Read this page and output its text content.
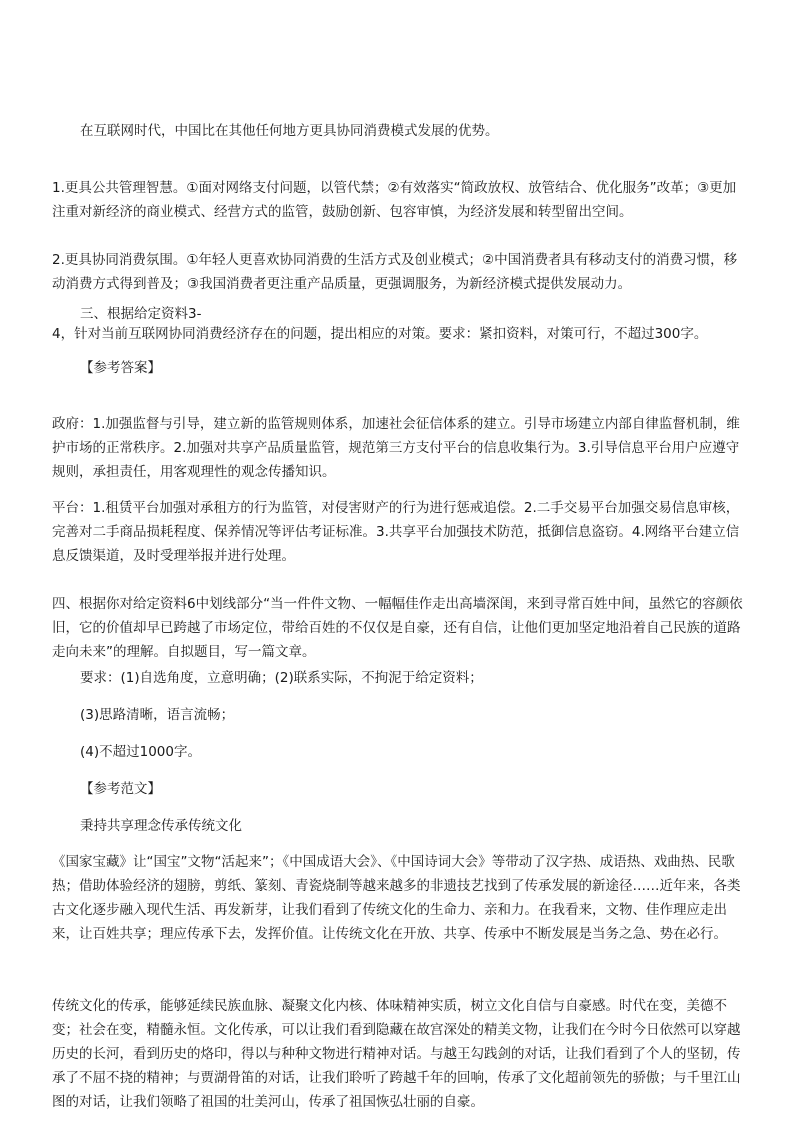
在互联网时代，中国比在其他任何地方更具协同消费模式发展的优势。

1.更具公共管理智慧。①面对网络支付问题，以管代禁；②有效落实“简政放权、放管结合、优化服务”改革；③更加注重对新经济的商业模式、经营方式的监管，鼓励创新、包容审慎，为经济发展和转型留出空间。

2.更具协同消费氛围。①年轻人更喜欢协同消费的生活方式及创业模式；②中国消费者具有移动支付的消费习惯，移动消费方式得到普及；③我国消费者更注重产品质量，更强调服务，为新经济模式提供发展动力。

三、根据给定资料3-

4，针对当前互联网协同消费经济存在的问题，提出相应的对策。要求：紧扣资料，对策可行，不超过300字。

【参考答案】

政府：1.加强监督与引导，建立新的监管规则体系，加速社会征信体系的建立。引导市场建立内部自律监督机制，维护市场的正常秩序。2.加强对共享产品质量监管，规范第三方支付平台的信息收集行为。3.引导信息平台用户应遵守规则，承担责任，用客观理性的观念传播知识。

平台：1.租赁平台加强对承租方的行为监管，对侵害财产的行为进行惩戒追偿。2.二手交易平台加强交易信息审核，完善对二手商品损耗程度、保养情况等评估考证标准。3.共享平台加强技术防范，抵御信息盗窃。4.网络平台建立信息反馈渠道，及时受理举报并进行处理。

四、根据你对给定资料6中划线部分“当一件件文物、一幅幅佳作走出高墙深闺，来到寻常百姓中间，虽然它的容颜依旧，它的价值却早已跨越了市场定位，带给百姓的不仅仅是自豪，还有自信，让他们更加坚定地沿着自己民族的道路走向未来”的理解。自拟题目，写一篇文章。

要求：(1)自选角度，立意明确；(2)联系实际，不拘泥于给定资料；

(3)思路清晰，语言流畅；

(4)不超过1000字。

【参考范文】

秉持共享理念传承传统文化

《国家宝藏》让“国宝”文物“活起来”；《中国成语大会》、《中国诗词大会》等带动了汉字热、成语热、戏曲热、民歌热；借助体验经济的翅膀，剪纸、篆刻、青瓷烧制等越来越多的非遗技艺找到了传承发展的新途径……近年来，各类古文化逐步融入现代生活、再发新芽，让我们看到了传统文化的生命力、亲和力。在我看来，文物、佳作理应走出来，让百姓共享；理应传承下去，发挥价值。让传统文化在开放、共享、传承中不断发展是当务之急、势在必行。

传统文化的传承，能够延续民族血脉、凝聚文化内核、体味精神实质，树立文化自信与自豪感。时代在变，美德不变；社会在变，精髓永恒。文化传承，可以让我们看到隐藏在故宫深处的精美文物，让我们在今时今日依然可以穿越历史的长河，看到历史的烙印，得以与种种文物进行精神对话。与越王勾践剑的对话，让我们看到了个人的坚韧，传承了不屈不挠的精神；与贾湖骨笛的对话，让我们聆听了跨越千年的回响，传承了文化超前领先的骄傲；与千里江山图的对话，让我们领略了祖国的壮美河山，传承了祖国恢弘壮丽的自豪。
